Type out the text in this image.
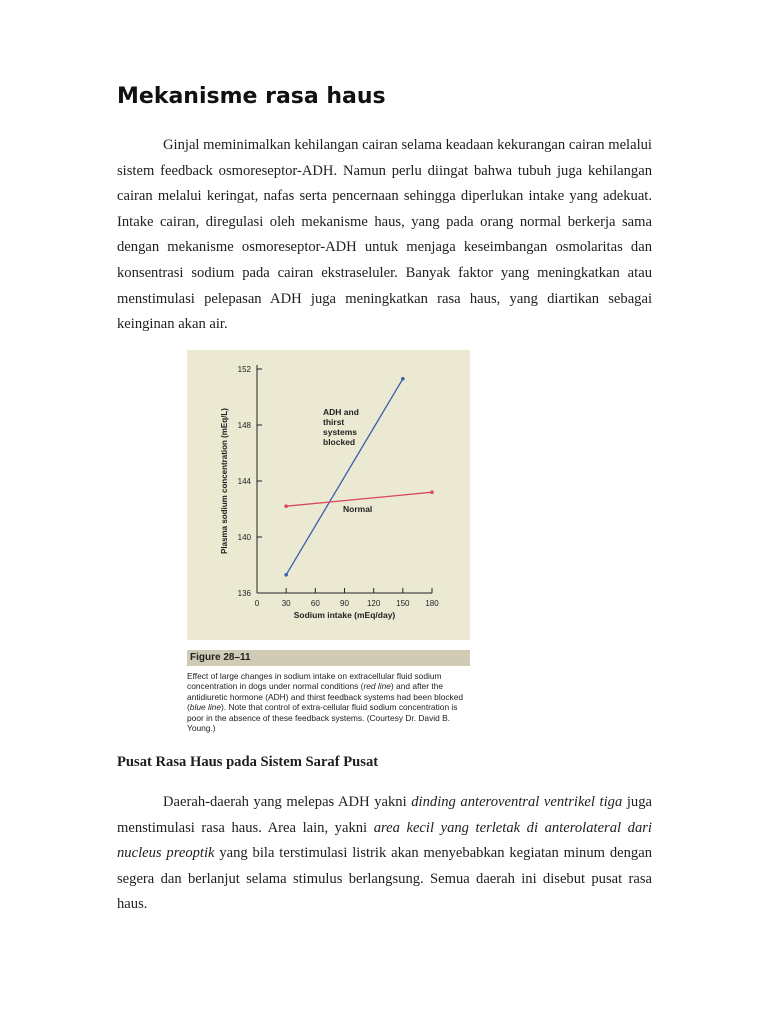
Mekanisme rasa haus

Ginjal meminimalkan kehilangan cairan selama keadaan kekurangan cairan melalui sistem feedback osmoreseptor-ADH. Namun perlu diingat bahwa tubuh juga kehilangan cairan melalui keringat, nafas serta pencernaan sehingga diperlukan intake yang adekuat. Intake cairan, diregulasi oleh mekanisme haus, yang pada orang normal berkerja sama dengan mekanisme osmoreseptor-ADH untuk menjaga keseimbangan osmolaritas dan konsentrasi sodium pada cairan ekstraseluler. Banyak faktor yang meningkatkan atau menstimulasi pelepasan ADH juga meningkatkan rasa haus, yang diartikan sebagai keinginan akan air.

136
140
144
148
152
0	30	60	90 120 150 180
Sodium intake (mEq/day)
Plasma sodium concentration (mEq/L)	ADH and
thirst
systems
blocked
Normal
Figure 28–11

Effect of large changes in sodium intake on extracellular fluid sodium concentration in dogs under normal conditions (red line) and after the antidiuretic hormone (ADH) and thirst feedback systems had been blocked (blue line). Note that control of extra-cellular fluid sodium concentration is poor in the absence of these feedback systems. (Courtesy Dr. David B. Young.)

Pusat Rasa Haus pada Sistem Saraf Pusat

Daerah-daerah yang melepas ADH yakni dinding anteroventral ventrikel tiga juga menstimulasi rasa haus. Area lain, yakni area kecil yang terletak di anterolateral dari nucleus preoptik yang bila terstimulasi listrik akan menyebabkan kegiatan minum dengan segera dan berlanjut selama stimulus berlangsung. Semua daerah ini disebut pusat rasa haus.
